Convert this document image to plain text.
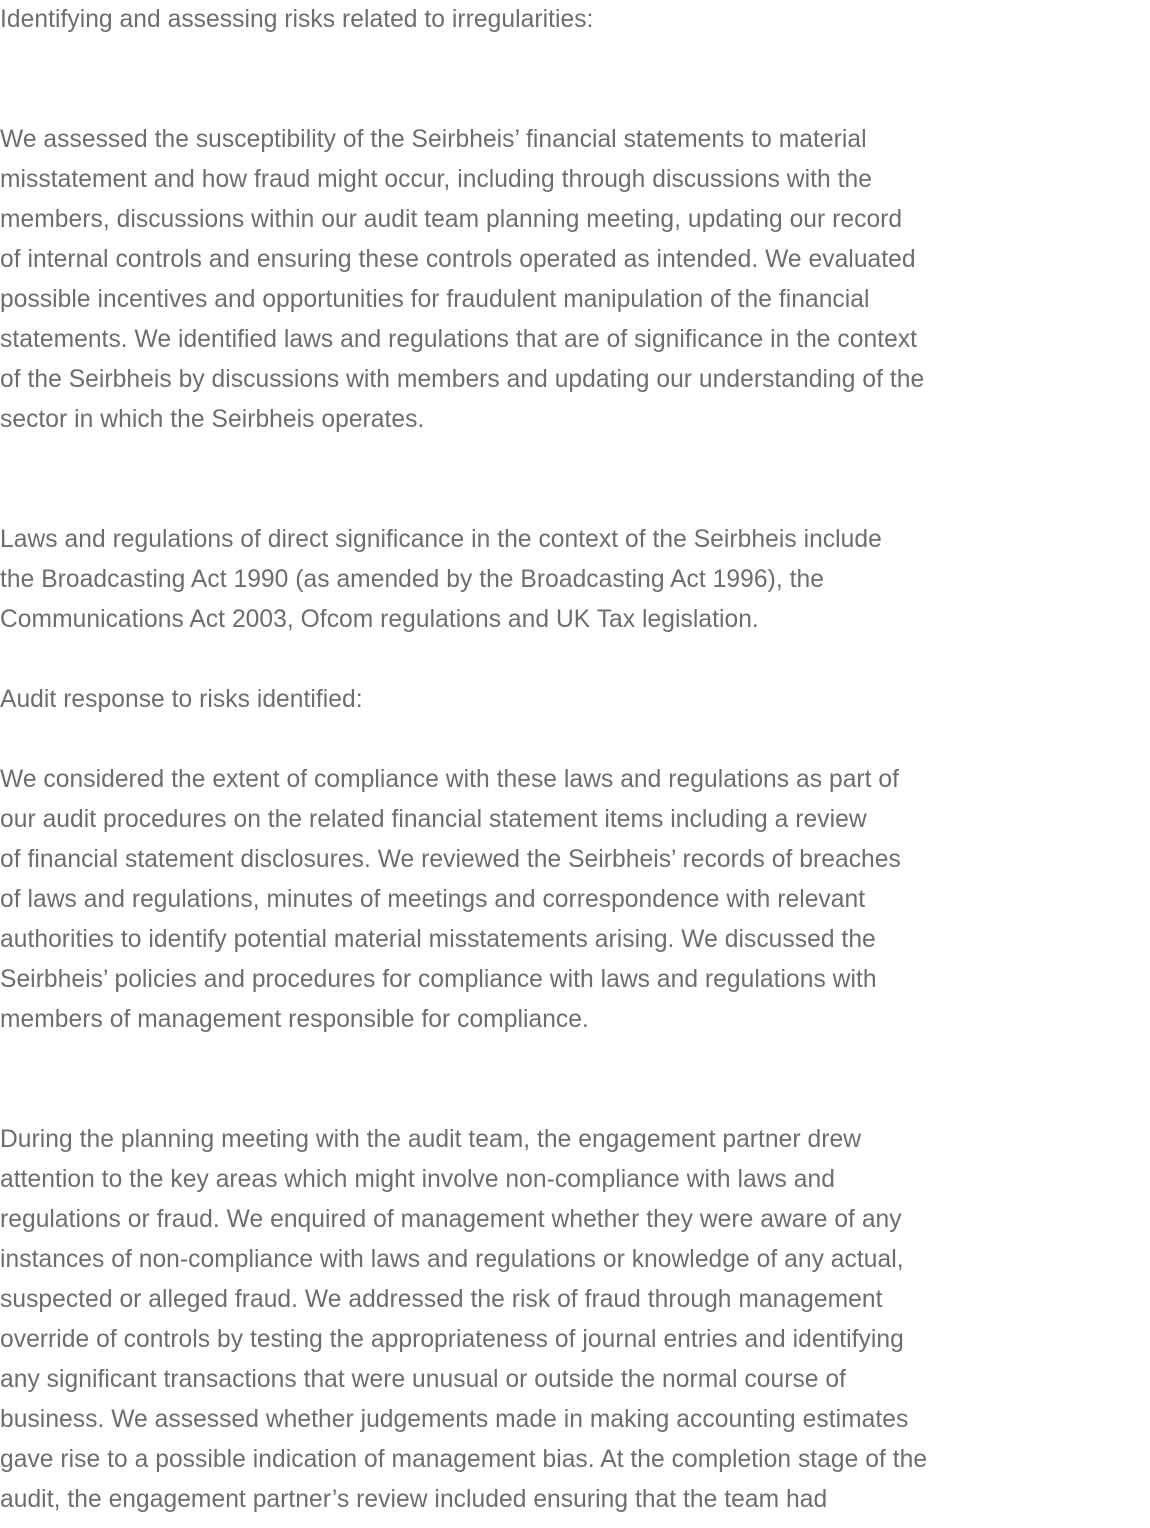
Identifying and assessing risks related to irregularities:
We assessed the susceptibility of the Seirbheis’ financial statements to material
misstatement and how fraud might occur, including through discussions with the
members, discussions within our audit team planning meeting, updating our record
of internal controls and ensuring these controls operated as intended. We evaluated
possible incentives and opportunities for fraudulent manipulation of the financial
statements. We identified laws and regulations that are of significance in the context
of the Seirbheis by discussions with members and updating our understanding of the
sector in which the Seirbheis operates.
Laws and regulations of direct significance in the context of the Seirbheis include
the Broadcasting Act 1990 (as amended by the Broadcasting Act 1996), the
Communications Act 2003, Ofcom regulations and UK Tax legislation.
Audit response to risks identified:
We considered the extent of compliance with these laws and regulations as part of
our audit procedures on the related financial statement items including a review
of financial statement disclosures. We reviewed the Seirbheis’ records of breaches
of laws and regulations, minutes of meetings and correspondence with relevant
authorities to identify potential material misstatements arising. We discussed the
Seirbheis’ policies and procedures for compliance with laws and regulations with
members of management responsible for compliance.
During the planning meeting with the audit team, the engagement partner drew
attention to the key areas which might involve non-compliance with laws and
regulations or fraud. We enquired of management whether they were aware of any
instances of non-compliance with laws and regulations or knowledge of any actual,
suspected or alleged fraud. We addressed the risk of fraud through management
override of controls by testing the appropriateness of journal entries and identifying
any significant transactions that were unusual or outside the normal course of
business. We assessed whether judgements made in making accounting estimates
gave rise to a possible indication of management bias. At the completion stage of the
audit, the engagement partner’s review included ensuring that the team had
